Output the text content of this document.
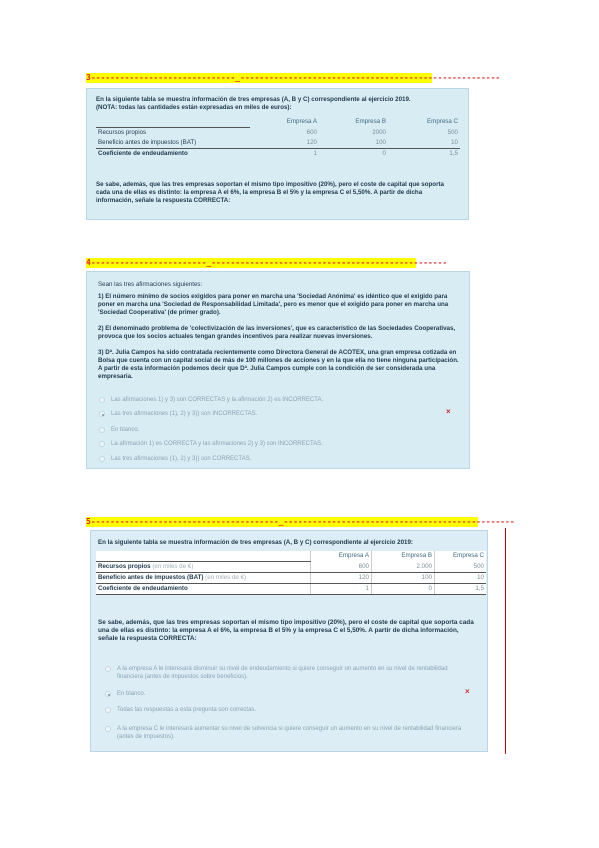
3------------------------------_------------------------------------------------------

En la siguiente tabla se muestra información de tres empresas (A, B y C) correspondiente al ejercicio 2019.

(NOTA: todas las cantidades están expresadas en miles de euros):

	Empresa A	Empresa B	Empresa C
Recursos propios	600	2000	500
Beneficio antes de impuestos (BAT)	120	100	10
Coeficiente de endeudamiento	1	0	1,5

Se sabe, además, que las tres empresas soportan el mismo tipo impositivo (20%), pero el coste de capital que soporta cada una de ellas es distinto: la empresa A el 6%, la empresa B el 5% y la empresa C el 5,50%. A partir de dicha información, señale la respuesta CORRECTA:

4------------------------_-------------------------------------------------

Sean las tres afirmaciones siguientes:

1) El número mínimo de socios exigidos para poner en marcha una 'Sociedad Anónima' es idéntico que el exigido para poner en marcha una 'Sociedad de Responsabilidad Limitada', pero es menor que el exigido para poner en marcha una 'Sociedad Cooperativa' (de primer grado).

2) El denominado problema de 'colectivización de las inversiones', que es característico de las Sociedades Cooperativas, provoca que los socios actuales tengan grandes incentivos para realizar nuevas inversiones.

3) Dª. Julia Campos ha sido contratada recientemente como Directora General de ACOTEX, una gran empresa cotizada en Bolsa que cuenta con un capital social de más de 100 millones de acciones y en la que ella no tiene ninguna participación. A partir de esta información podemos decir que Dª. Julia Campos cumple con la condición de ser considerada una empresaria.

Las afirmaciones 1) y 3) son CORRECTAS y la afirmación 2) es INCORRECTA.
Las tres afirmaciones (1), 2) y 3)) son INCORRECTAS.	×
En blanco.
La afirmación 1) es CORRECTA y las afirmaciones 2) y 3) son INCORRECTAS.
Las tres afirmaciones (1), 2) y 3)) son CORRECTAS.
5---------------------------------------_------------------------------------------------

En la siguiente tabla se muestra información de tres empresas (A, B y C) correspondiente al ejercicio 2019:

	Empresa A	Empresa B	Empresa C
Recursos propios (en miles de €)	600	2.000	500
Beneficio antes de impuestos (BAT) (en miles de €)	120	100	10
Coeficiente de endeudamiento	1	0	1,5

Se sabe, además, que las tres empresas soportan el mismo tipo impositivo (20%), pero el coste de capital que soporta cada una de ellas es distinto: la empresa A el 6%, la empresa B el 5% y la empresa C el 5,50%. A partir de dicha información, señale la respuesta CORRECTA:

A la empresa A le interesará disminuir su nivel de endeudamiento si quiere conseguir un aumento en su nivel de rentabilidad financiera (antes de impuestos sobre beneficios).
En blanco.	×
Todas las respuestas a esta pregunta son correctas.
A la empresa C le interesará aumentar su nivel de solvencia si quiere conseguir un aumento en su nivel de rentabilidad financiera (antes de impuestos).
